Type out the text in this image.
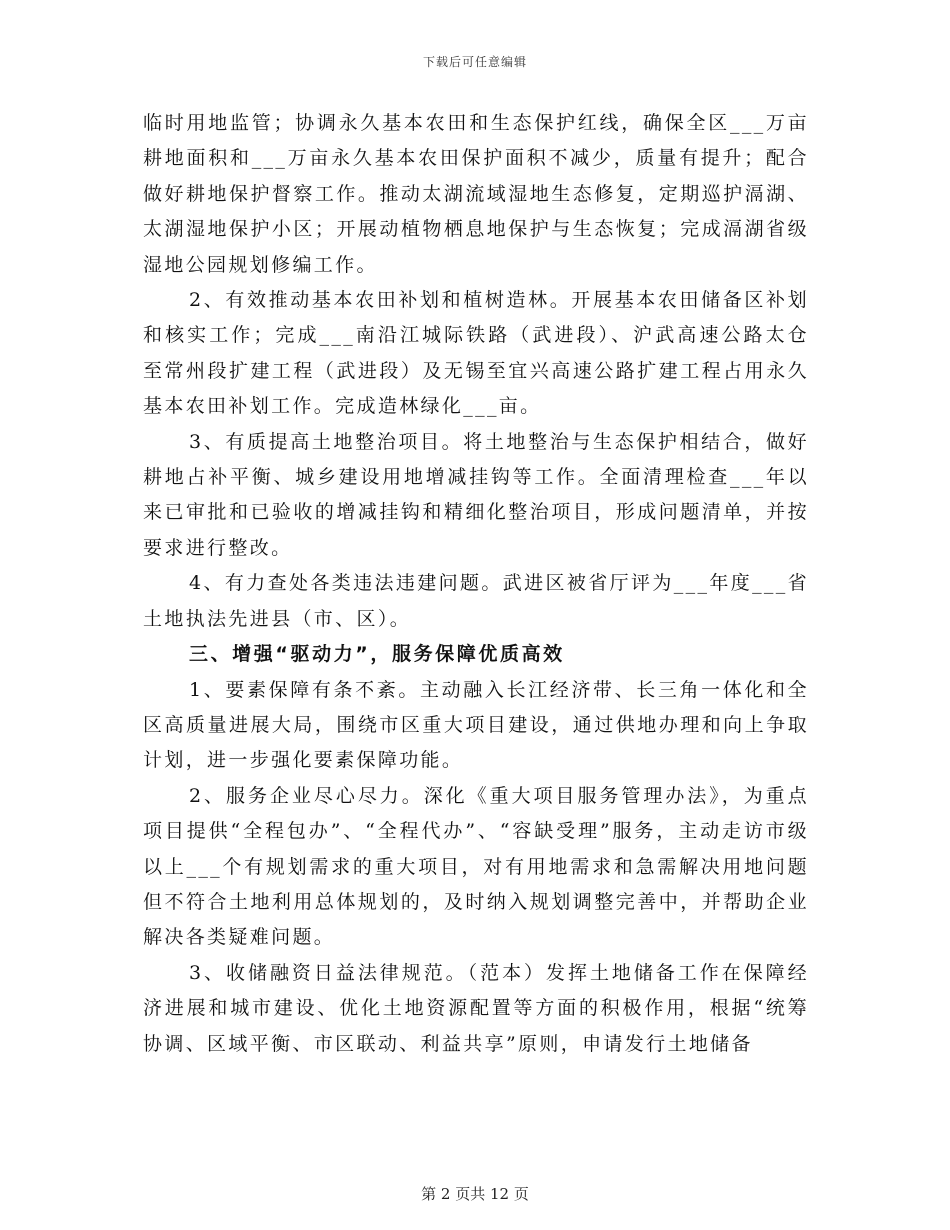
下载后可任意编辑

临时用地监管；协调永久基本农田和生态保护红线，确保全区___万亩耕地面积和___万亩永久基本农田保护面积不减少，质量有提升；配合做好耕地保护督察工作。推动太湖流域湿地生态修复，定期巡护滆湖、太湖湿地保护小区；开展动植物栖息地保护与生态恢复；完成滆湖省级湿地公园规划修编工作。

2、有效推动基本农田补划和植树造林。开展基本农田储备区补划和核实工作；完成___南沿江城际铁路（武进段）、沪武高速公路太仓至常州段扩建工程（武进段）及无锡至宜兴高速公路扩建工程占用永久基本农田补划工作。完成造林绿化___亩。

3、有质提高土地整治项目。将土地整治与生态保护相结合，做好耕地占补平衡、城乡建设用地增减挂钩等工作。全面清理检查___年以来已审批和已验收的增减挂钩和精细化整治项目，形成问题清单，并按要求进行整改。

4、有力查处各类违法违建问题。武进区被省厅评为___年度___省土地执法先进县（市、区）。

三、增强“驱动力”，服务保障优质高效

1、要素保障有条不紊。主动融入长江经济带、长三角一体化和全区高质量进展大局，围绕市区重大项目建设，通过供地办理和向上争取计划，进一步强化要素保障功能。

2、服务企业尽心尽力。深化《重大项目服务管理办法》，为重点项目提供“全程包办”、“全程代办”、“容缺受理”服务，主动走访市级以上___个有规划需求的重大项目，对有用地需求和急需解决用地问题但不符合土地利用总体规划的，及时纳入规划调整完善中，并帮助企业解决各类疑难问题。

3、收储融资日益法律规范。（范本）发挥土地储备工作在保障经济进展和城市建设、优化土地资源配置等方面的积极作用，根据“统筹协调、区域平衡、市区联动、利益共享”原则，申请发行土地储备

第 2 页共 12 页
